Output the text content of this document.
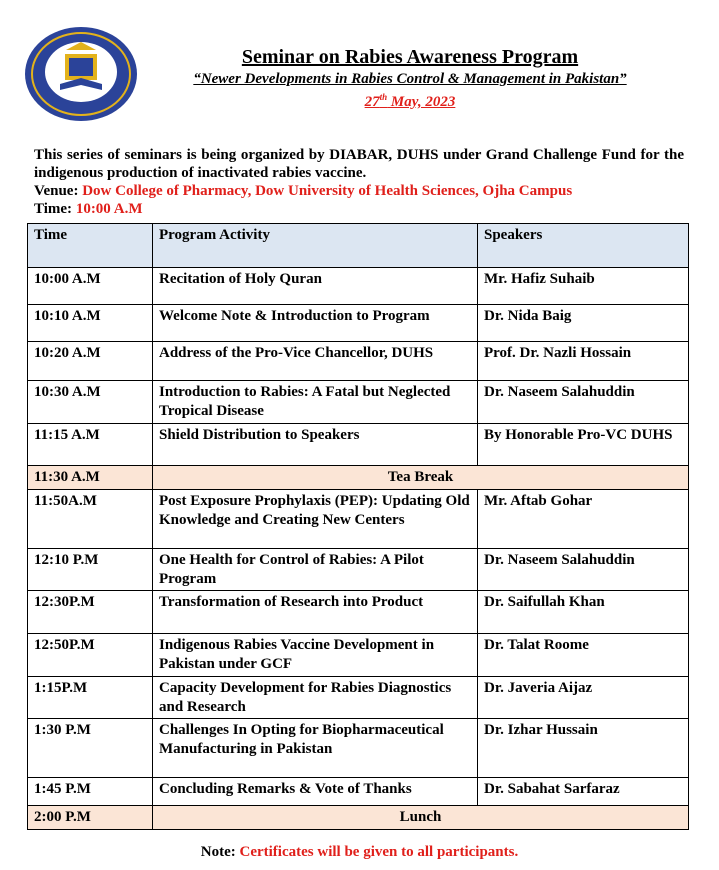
Seminar on Rabies Awareness Program
“Newer Developments in Rabies Control & Management in Pakistan”
27th May, 2023

This series of seminars is being organized by DIABAR, DUHS under Grand Challenge Fund for the indigenous production of inactivated rabies vaccine.

Venue: Dow College of Pharmacy, Dow University of Health Sciences, Ojha Campus
Time: 10:00 A.M
Time	Program Activity	Speakers
10:00 A.M	Recitation of Holy Quran	Mr. Hafiz Suhaib
10:10 A.M	Welcome Note & Introduction to Program	Dr. Nida Baig
10:20 A.M	Address of the Pro-Vice Chancellor, DUHS	Prof. Dr. Nazli Hossain
10:30 A.M	Introduction to Rabies: A Fatal but Neglected Tropical Disease	Dr. Naseem Salahuddin
11:15 A.M	Shield Distribution to Speakers	By Honorable Pro-VC DUHS
11:30 A.M	Tea Break	
11:50A.M	Post Exposure Prophylaxis (PEP): Updating Old Knowledge and Creating New Centers	Mr. Aftab Gohar
12:10 P.M	One Health for Control of Rabies: A Pilot Program	Dr. Naseem Salahuddin
12:30P.M	Transformation of Research into Product	Dr. Saifullah Khan
12:50P.M	Indigenous Rabies Vaccine Development in Pakistan under GCF	Dr. Talat Roome
1:15P.M	Capacity Development for Rabies Diagnostics and Research	Dr. Javeria Aijaz
1:30 P.M	Challenges In Opting for Biopharmaceutical Manufacturing in Pakistan	Dr. Izhar Hussain
1:45 P.M	Concluding Remarks & Vote of Thanks	Dr. Sabahat Sarfaraz
2:00 P.M	Lunch	
Note: Certificates will be given to all participants.
